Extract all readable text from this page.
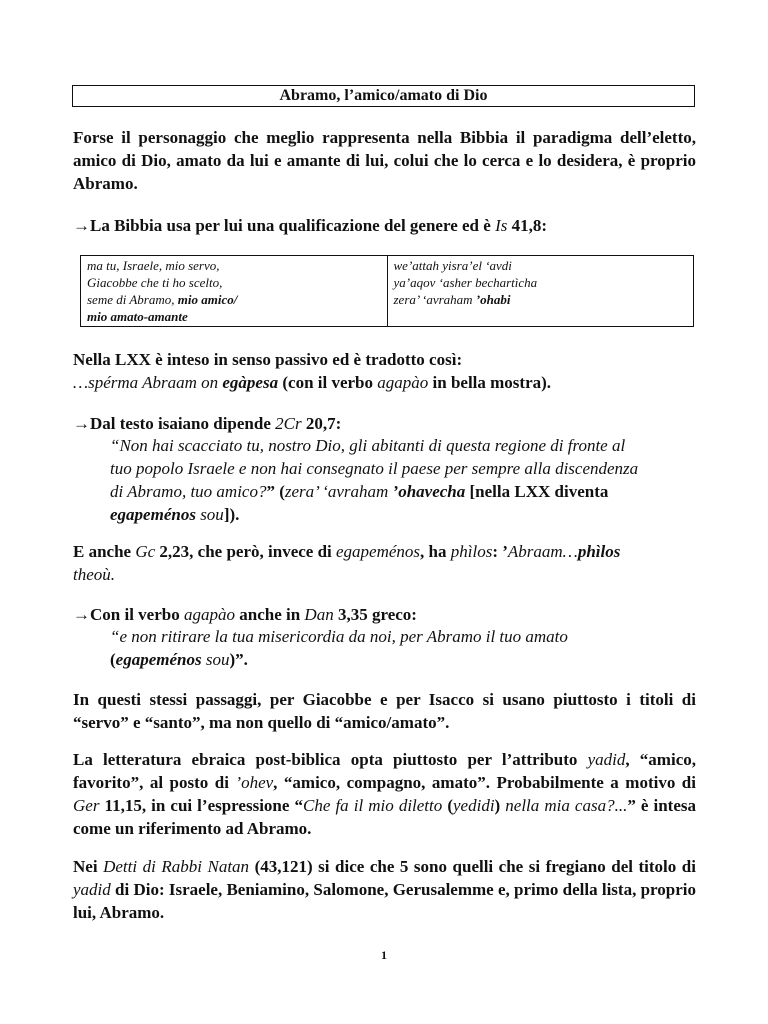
Abramo, l’amico/amato di Dio
Forse il personaggio che meglio rappresenta nella Bibbia il paradigma dell’eletto, amico di Dio, amato da lui e amante di lui, colui che lo cerca e lo desidera, è proprio Abramo.
→La Bibbia usa per lui una qualificazione del genere ed è Is 41,8:
ma tu, Israele, mio servo,
Giacobbe che ti ho scelto,
seme di Abramo, mio amico/
mio amato-amante

we’attah yisra’el ‘avdi
ya’aqov ‘asher bechartìcha
zera’ ‘avraham ’ohabi
Nella LXX è inteso in senso passivo ed è tradotto così:
…spérma Abraam on egàpesa (con il verbo agapào in bella mostra).
→Dal testo isaiano dipende 2Cr 20,7:
“Non hai scacciato tu, nostro Dio, gli abitanti di questa regione di fronte al
tuo popolo Israele e non hai consegnato il paese per sempre alla discendenza
di Abramo, tuo amico?” (zera’ ‘avraham ’ohavecha [nella LXX diventa
egapeménos sou]).
E anche Gc 2,23, che però, invece di egapeménos, ha phìlos: ’Abraam…phìlos
theoù.
→Con il verbo agapào anche in Dan 3,35 greco:
“e non ritirare la tua misericordia da noi, per Abramo il tuo amato
(egapeménos sou)”.
In questi stessi passaggi, per Giacobbe e per Isacco si usano piuttosto i titoli di “servo” e “santo”, ma non quello di “amico/amato”.
La letteratura ebraica post-biblica opta piuttosto per l’attributo yadid, “amico, favorito”, al posto di ’ohev, “amico, compagno, amato”. Probabilmente a motivo di Ger 11,15, in cui l’espressione “Che fa il mio diletto (yedidi) nella mia casa?...” è intesa come un riferimento ad Abramo.
Nei Detti di Rabbi Natan (43,121) si dice che 5 sono quelli che si fregiano del titolo di yadid di Dio: Israele, Beniamino, Salomone, Gerusalemme e, primo della lista, proprio lui, Abramo.
1
